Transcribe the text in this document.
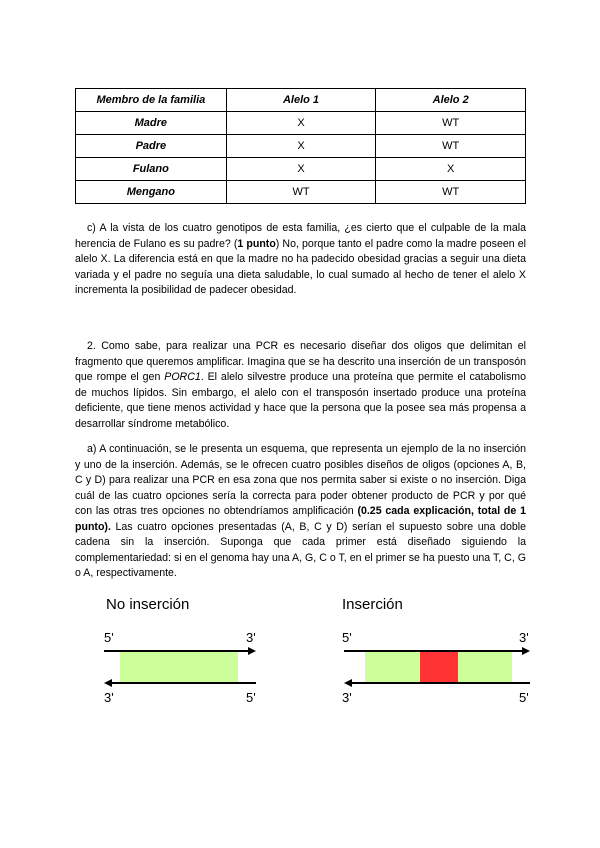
Membro de la familia	Alelo 1	Alelo 2
Madre	X	WT
Padre	X	WT
Fulano	X	X
Mengano	WT	WT

c) A la vista de los cuatro genotipos de esta familia, ¿es cierto que el culpable de la mala herencia de Fulano es su padre? (1 punto) No, porque tanto el padre como la madre poseen el alelo X. La diferencia está en que la madre no ha padecido obesidad gracias a seguir una dieta variada y el padre no seguía una dieta saludable, lo cual sumado al hecho de tener el alelo X incrementa la posibilidad de padecer obesidad.

2. Como sabe, para realizar una PCR es necesario diseñar dos oligos que delimitan el fragmento que queremos amplificar. Imagina que se ha descrito una inserción de un transposón que rompe el gen PORC1. El alelo silvestre produce una proteína que permite el catabolismo de muchos lípidos. Sin embargo, el alelo con el transposón insertado produce una proteína deficiente, que tiene menos actividad y hace que la persona que la posee sea más propensa a desarrollar síndrome metabólico.

a) A continuación, se le presenta un esquema, que representa un ejemplo de la no inserción y uno de la inserción. Además, se le ofrecen cuatro posibles diseños de oligos (opciones A, B, C y D) para realizar una PCR en esa zona que nos permita saber si existe o no inserción. Diga cuál de las cuatro opciones sería la correcta para poder obtener producto de PCR y por qué con las otras tres opciones no obtendríamos amplificación (0.25 cada explicación, total de 1 punto). Las cuatro opciones presentadas (A, B, C y D) serían el supuesto sobre una doble cadena sin la inserción. Suponga que cada primer está diseñado siguiendo la complementariedad: si en el genoma hay una A, G, C o T, en el primer se ha puesto una T, C, G o A, respectivamente.

No inserción
5'	3'
3'	5'
Inserción
5'	3'
3'	5'
